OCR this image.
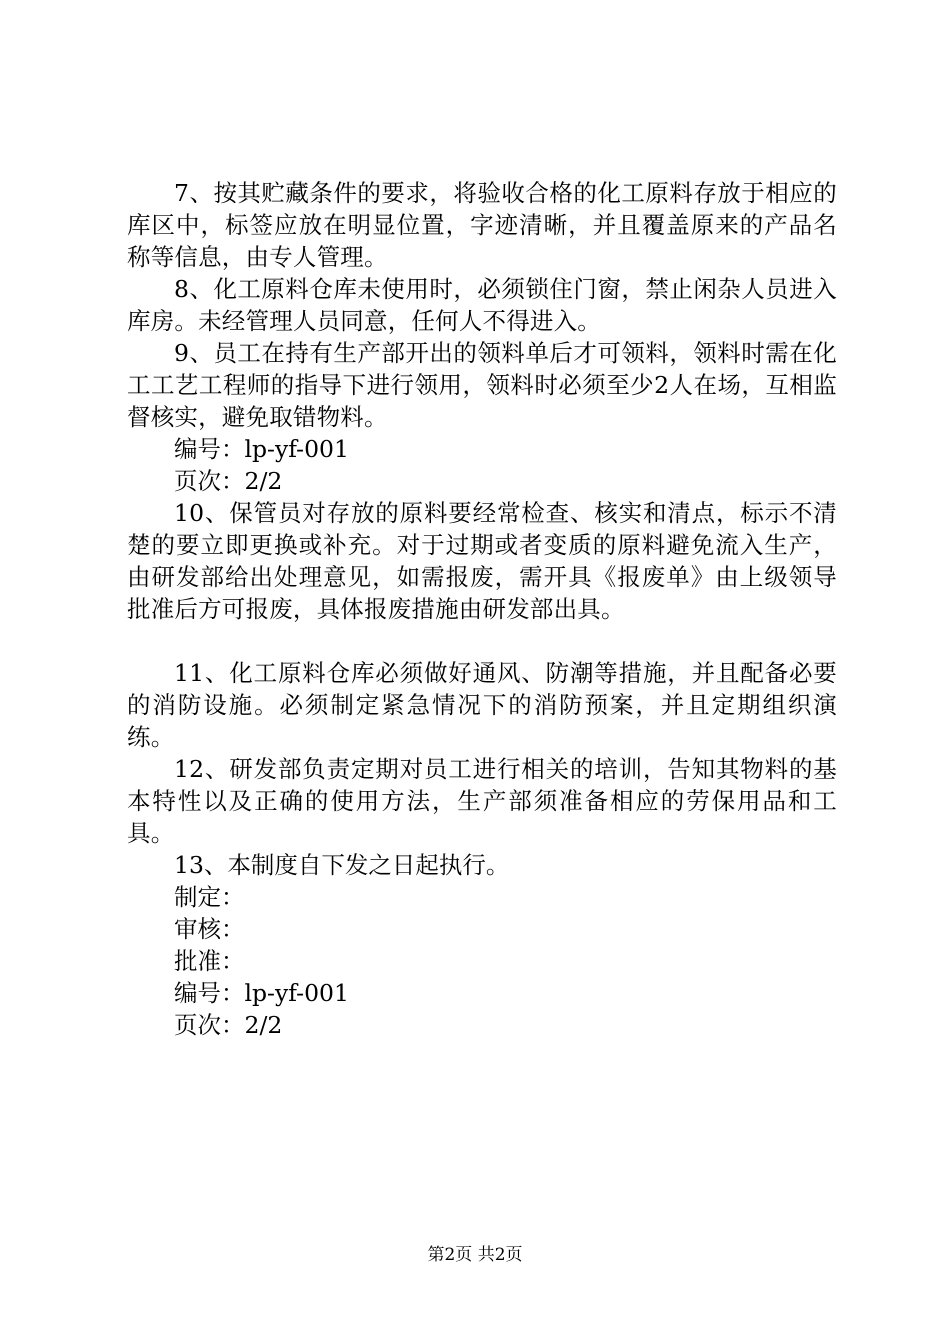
7、按其贮藏条件的要求，将验收合格的化工原料存放于相应的库区中，标签应放在明显位置，字迹清晰，并且覆盖原来的产品名称等信息，由专人管理。

8、化工原料仓库未使用时，必须锁住门窗，禁止闲杂人员进入库房。未经管理人员同意，任何人不得进入。

9、员工在持有生产部开出的领料单后才可领料，领料时需在化工工艺工程师的指导下进行领用，领料时必须至少2人在场，互相监督核实，避免取错物料。

编号：lp-yf-001

页次：2/2

10、保管员对存放的原料要经常检查、核实和清点，标示不清楚的要立即更换或补充。对于过期或者变质的原料避免流入生产，由研发部给出处理意见，如需报废，需开具《报废单》由上级领导批准后方可报废，具体报废措施由研发部出具。

11、化工原料仓库必须做好通风、防潮等措施，并且配备必要的消防设施。必须制定紧急情况下的消防预案，并且定期组织演练。

12、研发部负责定期对员工进行相关的培训，告知其物料的基本特性以及正确的使用方法，生产部须准备相应的劳保用品和工具。

13、本制度自下发之日起执行。

制定：

审核：

批准：

编号：lp-yf-001

页次：2/2

第2页 共2页
